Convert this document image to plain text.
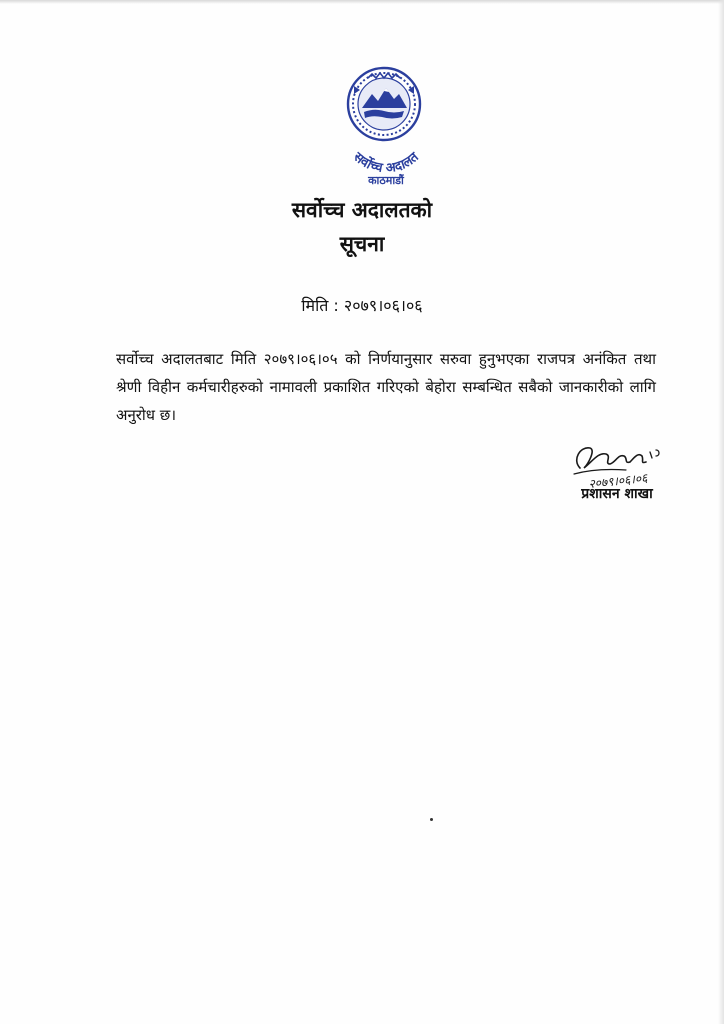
सर्वोच्च अदालत
काठमाडौं
सर्वोच्च अदालतको
सूचना
मिति : २०७९।०६।०६
सर्वोच्च अदालतबाट मिति २०७९।०६।०५ को निर्णयानुसार सरुवा हुनुभएका राजपत्र अनंकित तथा श्रेणी विहीन कर्मचारीहरुको नामावली प्रकाशित गरिएको बेहोरा सम्बन्धित सबैको जानकारीको लागि अनुरोध छ।
२०७९।०६।०६
प्रशासन शाखा
